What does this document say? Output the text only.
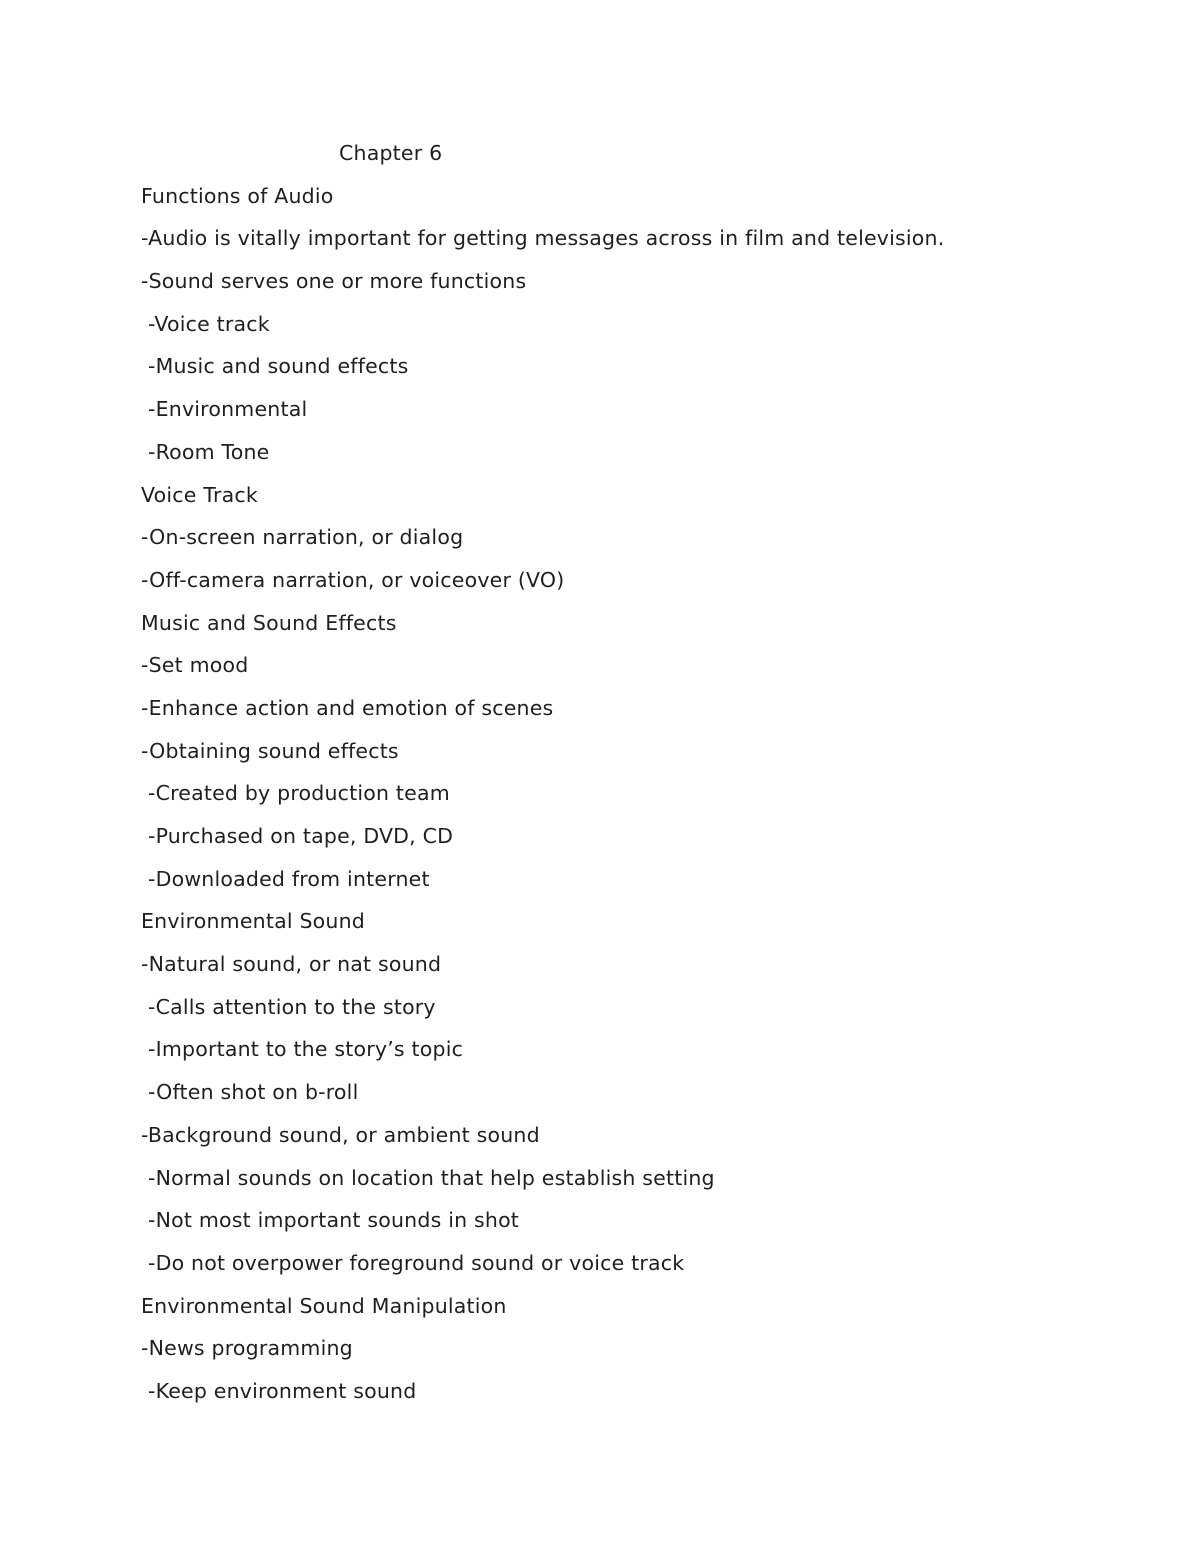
Chapter 6
Functions of Audio
-Audio is vitally important for getting messages across in film and television.
-Sound serves one or more functions
-Voice track
-Music and sound effects
-Environmental
-Room Tone
Voice Track
-On-screen narration, or dialog
-Off-camera narration, or voiceover (VO)
Music and Sound Effects
-Set mood
-Enhance action and emotion of scenes
-Obtaining sound effects
-Created by production team
-Purchased on tape, DVD, CD
-Downloaded from internet
Environmental Sound
-Natural sound, or nat sound
-Calls attention to the story
-Important to the story’s topic
-Often shot on b-roll
-Background sound, or ambient sound
-Normal sounds on location that help establish setting
-Not most important sounds in shot
-Do not overpower foreground sound or voice track
Environmental Sound Manipulation
-News programming
-Keep environment sound
